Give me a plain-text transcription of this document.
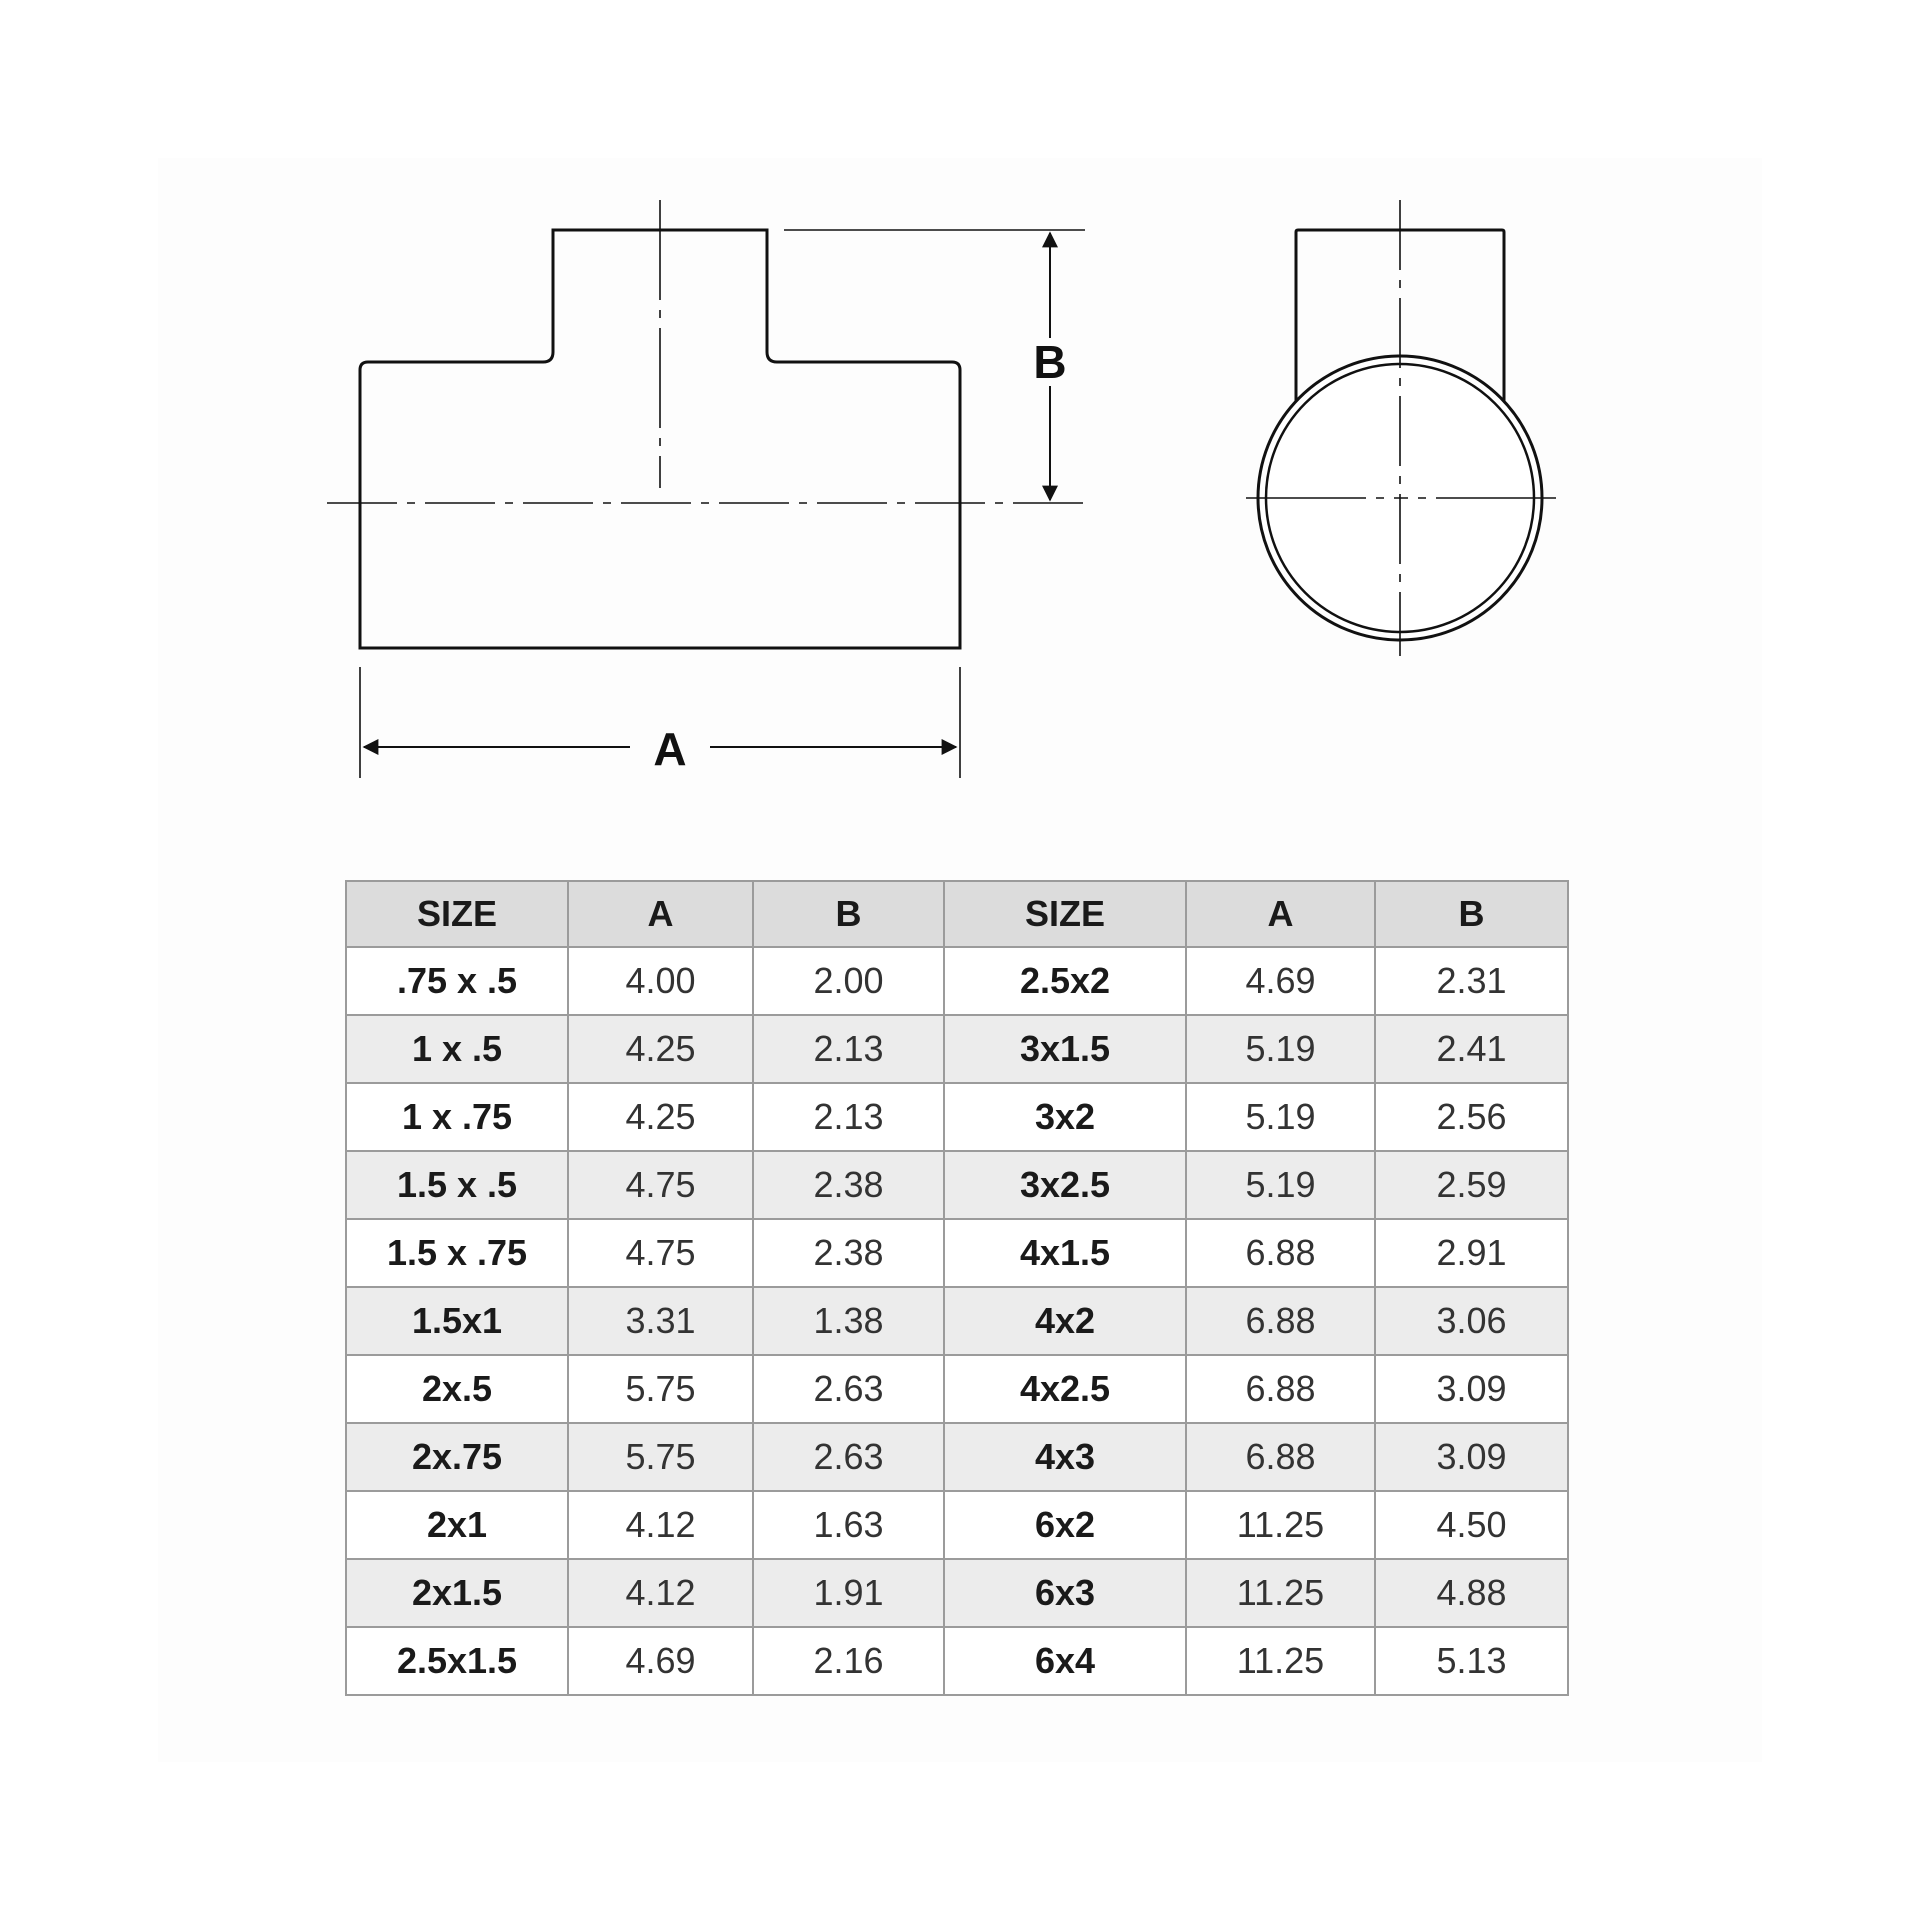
B
A
SIZE	A	B	SIZE	A	B
.75 x .5	4.00	2.00	2.5x2	4.69	2.31
1 x .5	4.25	2.13	3x1.5	5.19	2.41
1 x .75	4.25	2.13	3x2	5.19	2.56
1.5 x .5	4.75	2.38	3x2.5	5.19	2.59
1.5 x .75	4.75	2.38	4x1.5	6.88	2.91
1.5x1	3.31	1.38	4x2	6.88	3.06
2x.5	5.75	2.63	4x2.5	6.88	3.09
2x.75	5.75	2.63	4x3	6.88	3.09
2x1	4.12	1.63	6x2	11.25	4.50
2x1.5	4.12	1.91	6x3	11.25	4.88
2.5x1.5	4.69	2.16	6x4	11.25	5.13
